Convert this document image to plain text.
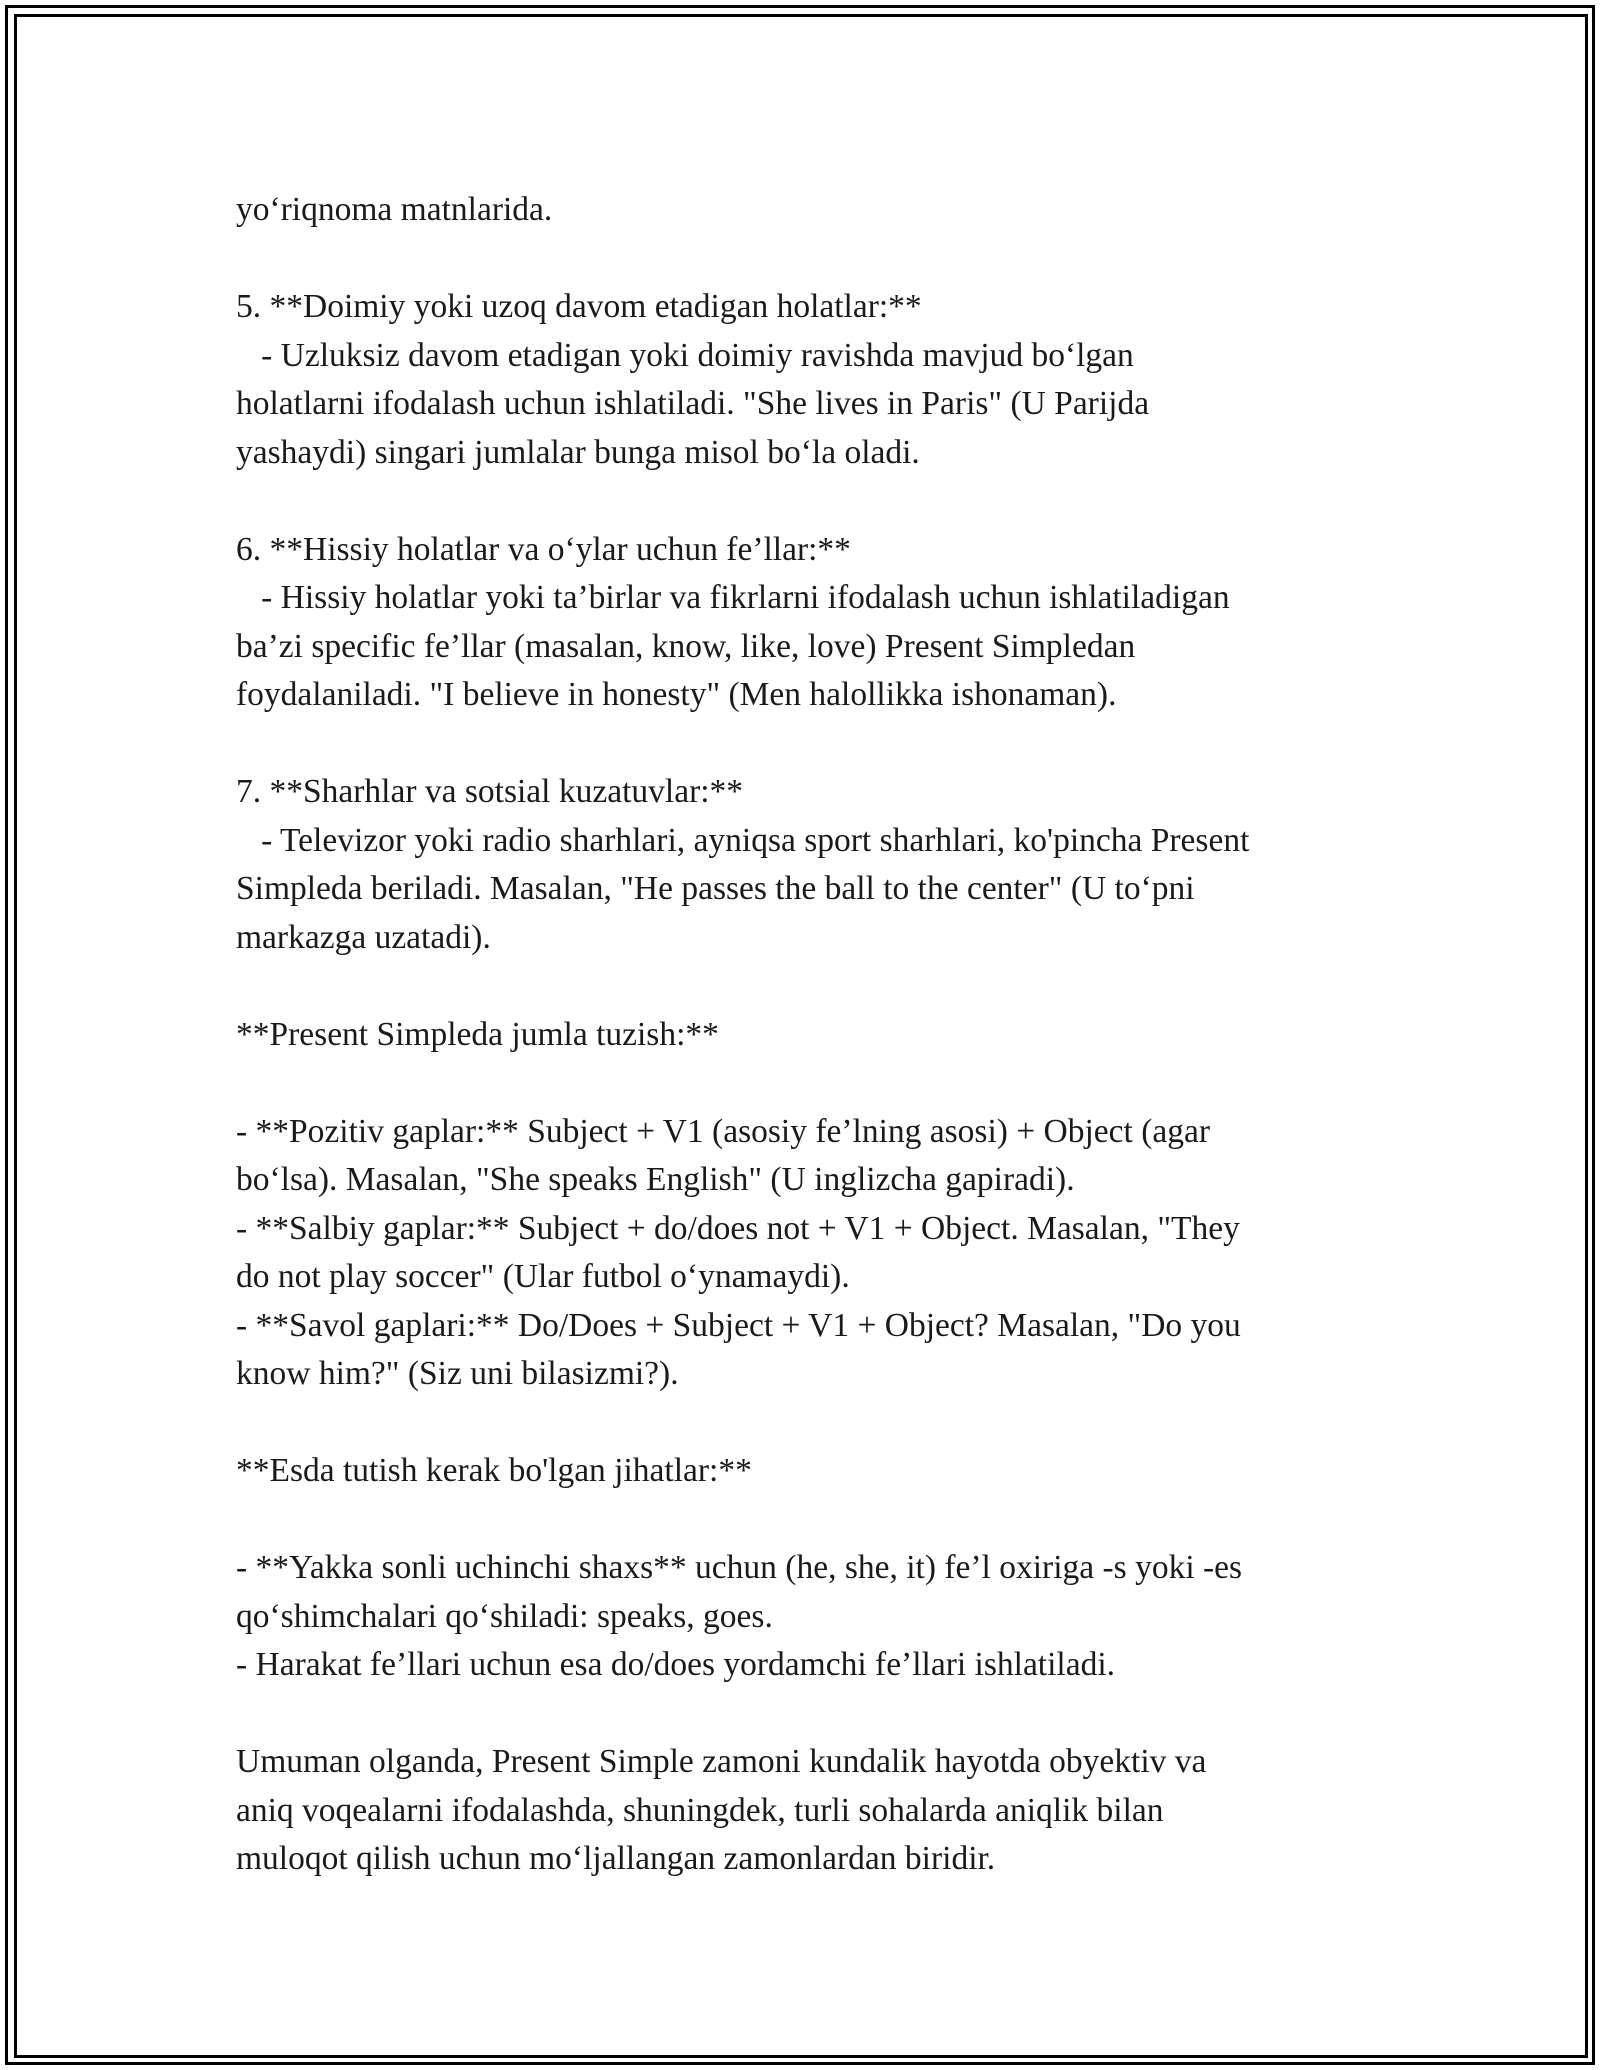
yo‘riqnoma matnlarida.

5. **Doimiy yoki uzoq davom etadigan holatlar:**

- Uzluksiz davom etadigan yoki doimiy ravishda mavjud bo‘lgan

holatlarni ifodalash uchun ishlatiladi. "She lives in Paris" (U Parijda

yashaydi) singari jumlalar bunga misol bo‘la oladi.

6. **Hissiy holatlar va o‘ylar uchun fe’llar:**

- Hissiy holatlar yoki ta’birlar va fikrlarni ifodalash uchun ishlatiladigan

ba’zi specific fe’llar (masalan, know, like, love) Present Simpledan

foydalaniladi. "I believe in honesty" (Men halollikka ishonaman).

7. **Sharhlar va sotsial kuzatuvlar:**

- Televizor yoki radio sharhlari, ayniqsa sport sharhlari, ko'pincha Present

Simpleda beriladi. Masalan, "He passes the ball to the center" (U to‘pni

markazga uzatadi).

**Present Simpleda jumla tuzish:**

- **Pozitiv gaplar:** Subject + V1 (asosiy fe’lning asosi) + Object (agar

bo‘lsa). Masalan, "She speaks English" (U inglizcha gapiradi).

- **Salbiy gaplar:** Subject + do/does not + V1 + Object. Masalan, "They

do not play soccer" (Ular futbol o‘ynamaydi).

- **Savol gaplari:** Do/Does + Subject + V1 + Object? Masalan, "Do you

know him?" (Siz uni bilasizmi?).

**Esda tutish kerak bo'lgan jihatlar:**

- **Yakka sonli uchinchi shaxs** uchun (he, she, it) fe’l oxiriga -s yoki -es

qo‘shimchalari qo‘shiladi: speaks, goes.

- Harakat fe’llari uchun esa do/does yordamchi fe’llari ishlatiladi.

Umuman olganda, Present Simple zamoni kundalik hayotda obyektiv va

aniq voqealarni ifodalashda, shuningdek, turli sohalarda aniqlik bilan

muloqot qilish uchun mo‘ljallangan zamonlardan biridir.
